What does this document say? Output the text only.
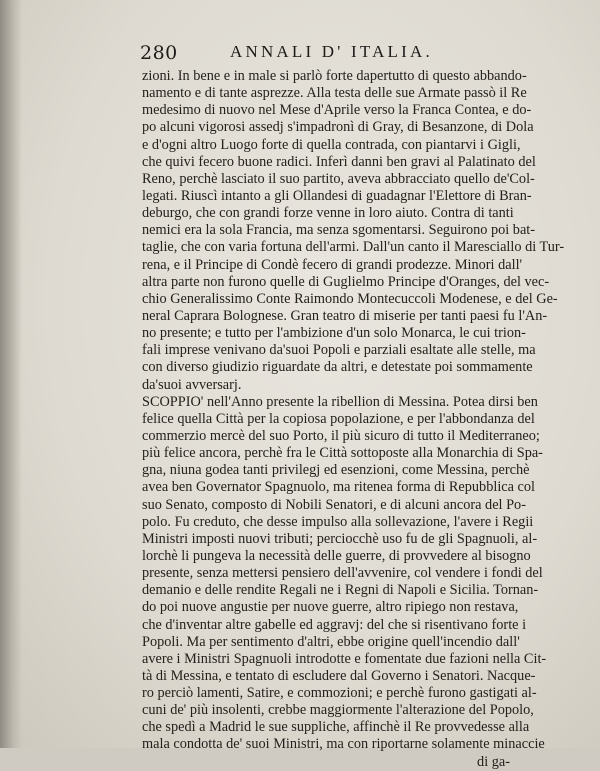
280	ANNALI D' ITALIA.
zioni. In bene e in male si parlò forte dapertutto di questo abbando-
namento e di tante asprezze. Alla testa delle sue Armate passò il Re
medesimo di nuovo nel Mese d'Aprile verso la Franca Contea, e do-
po alcuni vigorosi assedj s'impadronì di Gray, di Besanzone, di Dola
e d'ogni altro Luogo forte di quella contrada, con piantarvi i Gigli,
che quivi fecero buone radici. Inferì danni ben gravi al Palatinato del
Reno, perchè lasciato il suo partito, aveva abbracciato quello de'Col-
legati. Riuscì intanto a gli Ollandesi di guadagnar l'Elettore di Bran-
deburgo, che con grandi forze venne in loro aiuto. Contra di tanti
nemici era la sola Francia, ma senza sgomentarsi. Seguirono poi bat-
taglie, che con varia fortuna dell'armi. Dall'un canto il Maresciallo di Tur-
rena, e il Principe di Condè fecero di grandi prodezze. Minori dall'
altra parte non furono quelle di Guglielmo Principe d'Oranges, del vec-
chio Generalissimo Conte Raimondo Montecuccoli Modenese, e del Ge-
neral Caprara Bolognese. Gran teatro di miserie per tanti paesi fu l'An-
no presente; e tutto per l'ambizione d'un solo Monarca, le cui trion-
fali imprese venivano da'suoi Popoli e parziali esaltate alle stelle, ma
con diverso giudizio riguardate da altri, e detestate poi sommamente
da'suoi avversarj.
SCOPPIO' nell'Anno presente la ribellion di Messina. Potea dirsi ben
felice quella Città per la copiosa popolazione, e per l'abbondanza del
commerzio mercè del suo Porto, il più sicuro di tutto il Mediterraneo;
più felice ancora, perchè fra le Città sottoposte alla Monarchia di Spa-
gna, niuna godea tanti privilegj ed esenzioni, come Messina, perchè
avea ben Governator Spagnuolo, ma ritenea forma di Repubblica col
suo Senato, composto di Nobili Senatori, e di alcuni ancora del Po-
polo. Fu creduto, che desse impulso alla sollevazione, l'avere i Regii
Ministri imposti nuovi tributi; perciocchè uso fu de gli Spagnuoli, al-
lorchè li pungeva la necessità delle guerre, di provvedere al bisogno
presente, senza mettersi pensiero dell'avvenire, col vendere i fondi del
demanio e delle rendite Regali ne i Regni di Napoli e Sicilia. Tornan-
do poi nuove angustie per nuove guerre, altro ripiego non restava,
che d'inventar altre gabelle ed aggravj: del che si risentivano forte i
Popoli. Ma per sentimento d'altri, ebbe origine quell'incendio dall'
avere i Ministri Spagnuoli introdotte e fomentate due fazioni nella Cit-
tà di Messina, e tentato di escludere dal Governo i Senatori. Nacque-
ro perciò lamenti, Satire, e commozioni; e perchè furono gastigati al-
cuni de' più insolenti, crebbe maggiormente l'alterazione del Popolo,
che spedì a Madrid le sue suppliche, affinchè il Re provvedesse alla
mala condotta de' suoi Ministri, ma con riportarne solamente minaccie
di ga-
